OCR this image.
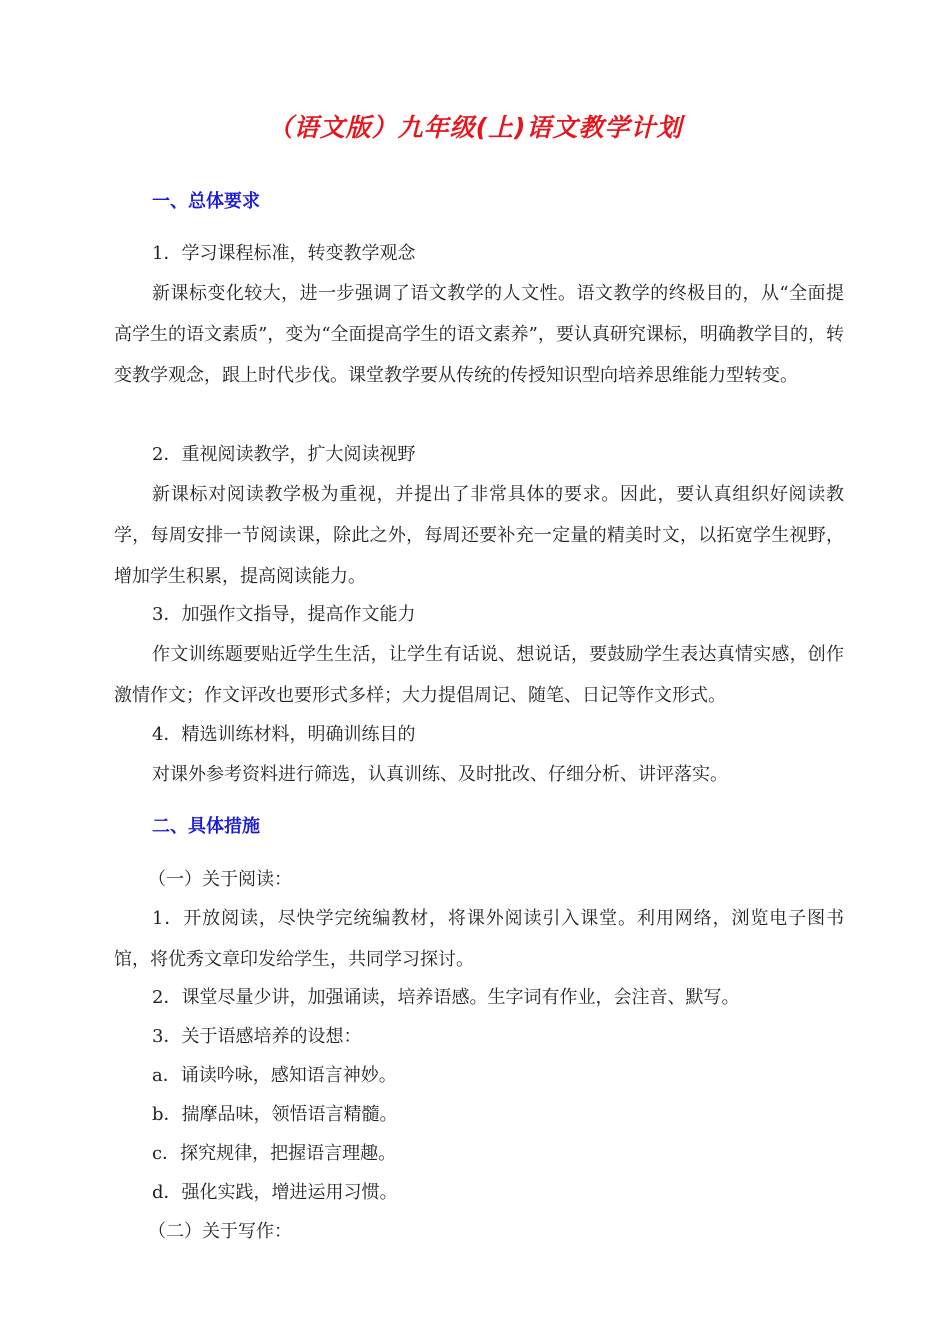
（语文版）九年级(上)语文教学计划
一、总体要求
1．学习课程标准，转变教学观念
新课标变化较大，进一步强调了语文教学的人文性。语文教学的终极目的，从“全面提高学生的语文素质”，变为“全面提高学生的语文素养”，要认真研究课标，明确教学目的，转变教学观念，跟上时代步伐。课堂教学要从传统的传授知识型向培养思维能力型转变。
2．重视阅读教学，扩大阅读视野
新课标对阅读教学极为重视，并提出了非常具体的要求。因此，要认真组织好阅读教学，每周安排一节阅读课，除此之外，每周还要补充一定量的精美时文，以拓宽学生视野，增加学生积累，提高阅读能力。
3．加强作文指导，提高作文能力
作文训练题要贴近学生生活，让学生有话说、想说话，要鼓励学生表达真情实感，创作激情作文；作文评改也要形式多样；大力提倡周记、随笔、日记等作文形式。
4．精选训练材料，明确训练目的
对课外参考资料进行筛选，认真训练、及时批改、仔细分析、讲评落实。
二、具体措施
（一）关于阅读：
1．开放阅读，尽快学完统编教材，将课外阅读引入课堂。利用网络，浏览电子图书馆，将优秀文章印发给学生，共同学习探讨。
2．课堂尽量少讲，加强诵读，培养语感。生字词有作业，会注音、默写。
3．关于语感培养的设想：
a．诵读吟咏，感知语言神妙。
b．揣摩品味，领悟语言精髓。
c．探究规律，把握语言理趣。
d．强化实践，增进运用习惯。
（二）关于写作：
